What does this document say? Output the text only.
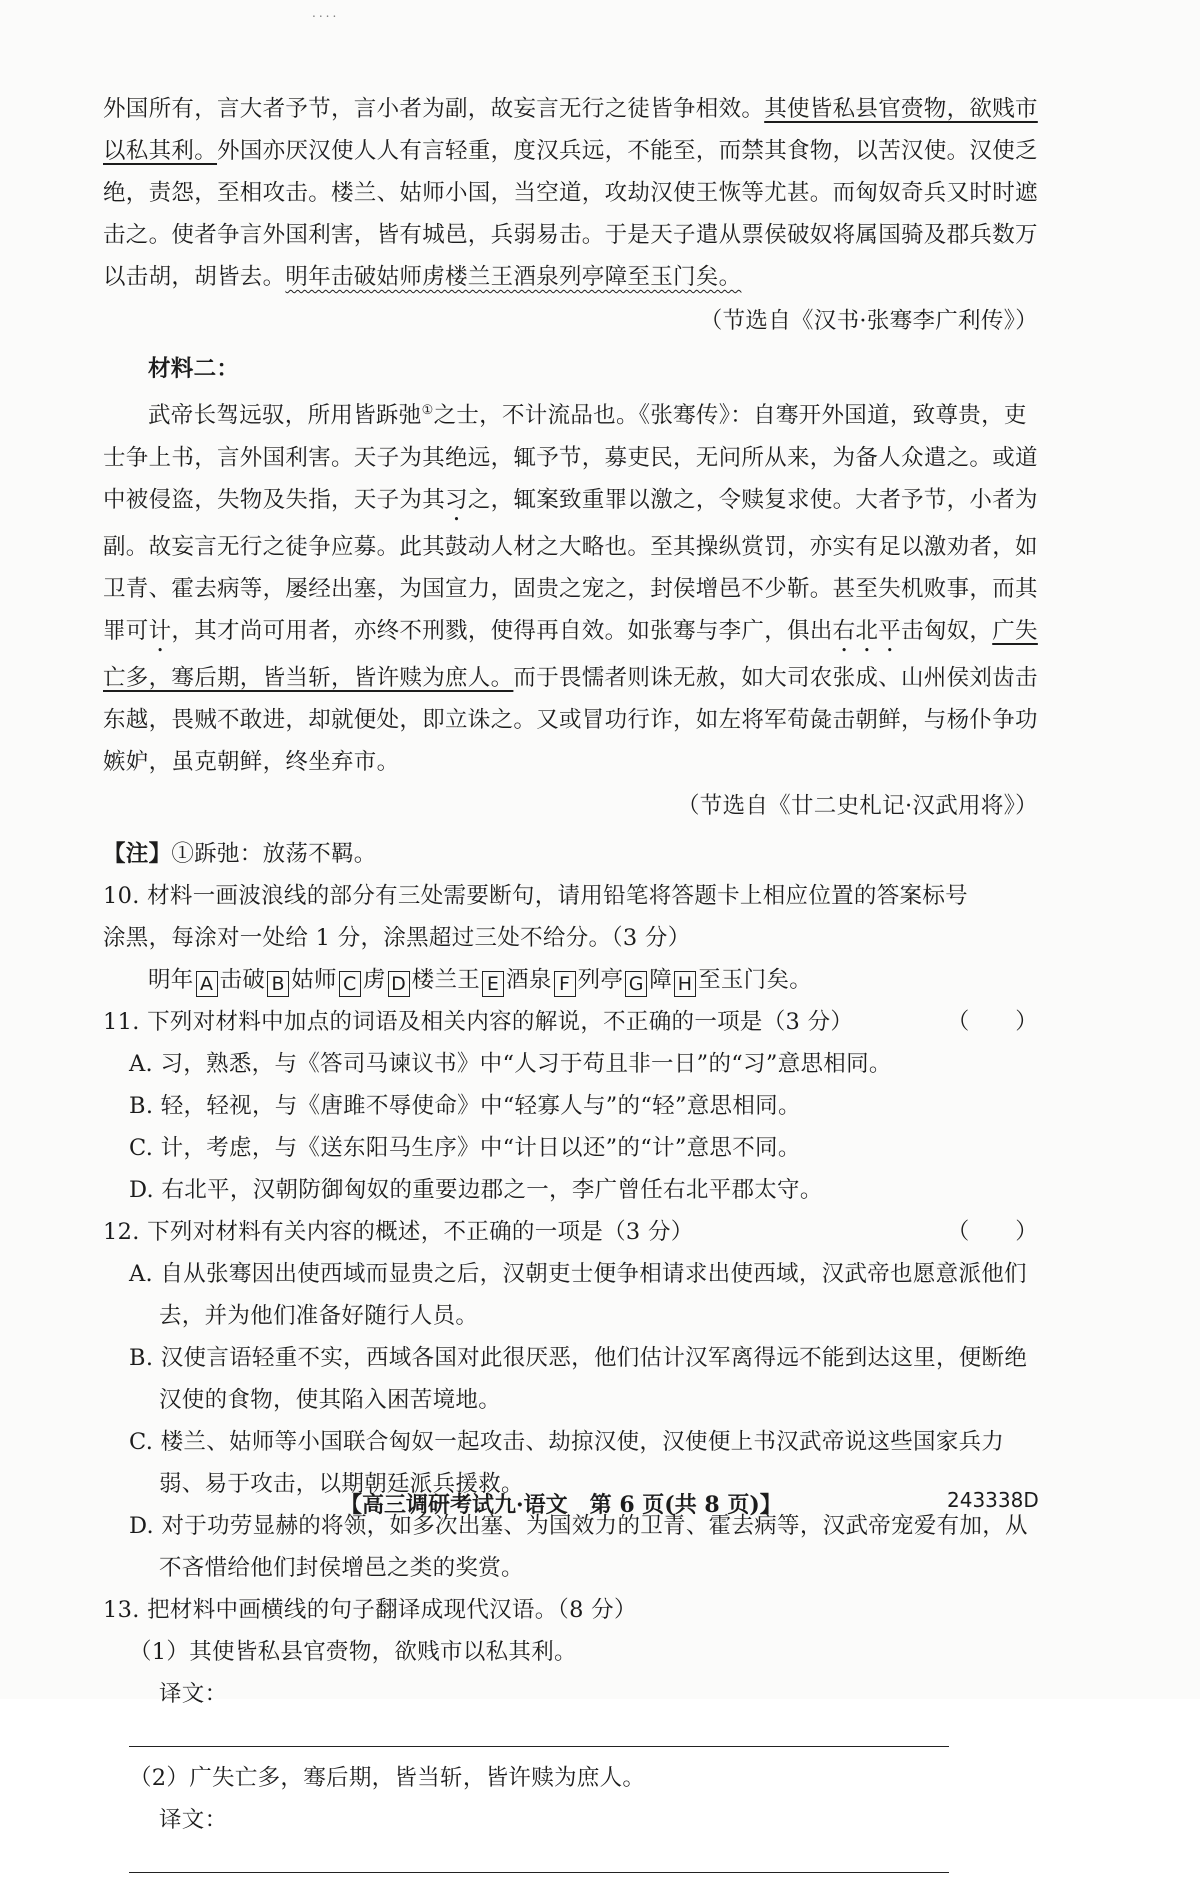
....

外国所有，言大者予节，言小者为副，故妄言无行之徒皆争相效。其使皆私县官赍物，欲贱市以私其利。外国亦厌汉使人人有言轻重，度汉兵远，不能至，而禁其食物，以苦汉使。汉使乏绝，责怨，至相攻击。楼兰、姑师小国，当空道，攻劫汉使王恢等尤甚。而匈奴奇兵又时时遮击之。使者争言外国利害，皆有城邑，兵弱易击。于是天子遣从票侯破奴将属国骑及郡兵数万以击胡，胡皆去。明年击破姑师虏楼兰王酒泉列亭障至玉门矣。

（节选自《汉书·张骞李广利传》）

材料二：

武帝长驾远驭，所用皆跅弛①之士，不计流品也。《张骞传》：自骞开外国道，致尊贵，吏士争上书，言外国利害。天子为其绝远，辄予节，募吏民，无问所从来，为备人众遣之。或道中被侵盗，失物及失指，天子为其习之，辄案致重罪以激之，令赎复求使。大者予节，小者为副。故妄言无行之徒争应募。此其鼓动人材之大略也。至其操纵赏罚，亦实有足以激劝者，如卫青、霍去病等，屡经出塞，为国宣力，固贵之宠之，封侯增邑不少靳。甚至失机败事，而其罪可计，其才尚可用者，亦终不刑戮，使得再自效。如张骞与李广，俱出右北平击匈奴，广失亡多，骞后期，皆当斩，皆许赎为庶人。而于畏懦者则诛无赦，如大司农张成、山州侯刘齿击东越，畏贼不敢进，却就便处，即立诛之。又或冒功行诈，如左将军荀彘击朝鲜，与杨仆争功嫉妒，虽克朝鲜，终坐弃市。

（节选自《廿二史札记·汉武用将》）

【注】①跅弛：放荡不羁。

10. 材料一画波浪线的部分有三处需要断句，请用铅笔将答题卡上相应位置的答案标号涂黑，每涂对一处给 1 分，涂黑超过三处不给分。（3 分）

明年 A 击破 B 姑师 C 虏 D 楼兰王 E 酒泉 F 列亭 G 障 H 至玉门矣。

11. 下列对材料中加点的词语及相关内容的解说，不正确的一项是（3 分）	（　　）

A. 习，熟悉，与《答司马谏议书》中“人习于苟且非一日”的“习”意思相同。

B. 轻，轻视，与《唐雎不辱使命》中“轻寡人与”的“轻”意思相同。

C. 计，考虑，与《送东阳马生序》中“计日以还”的“计”意思不同。

D. 右北平，汉朝防御匈奴的重要边郡之一，李广曾任右北平郡太守。

12. 下列对材料有关内容的概述，不正确的一项是（3 分）	（　　）

A. 自从张骞因出使西域而显贵之后，汉朝吏士便争相请求出使西域，汉武帝也愿意派他们去，并为他们准备好随行人员。

B. 汉使言语轻重不实，西域各国对此很厌恶，他们估计汉军离得远不能到达这里，便断绝汉使的食物，使其陷入困苦境地。

C. 楼兰、姑师等小国联合匈奴一起攻击、劫掠汉使，汉使便上书汉武帝说这些国家兵力弱、易于攻击，以期朝廷派兵援救。

D. 对于功劳显赫的将领，如多次出塞、为国效力的卫青、霍去病等，汉武帝宠爱有加，从不吝惜给他们封侯增邑之类的奖赏。

13. 把材料中画横线的句子翻译成现代汉语。（8 分）

（1）其使皆私县官赍物，欲贱市以私其利。

译文：

（2）广失亡多，骞后期，皆当斩，皆许赎为庶人。

译文：

【高三调研考试九·语文　第 6 页(共 8 页)】	243338D
